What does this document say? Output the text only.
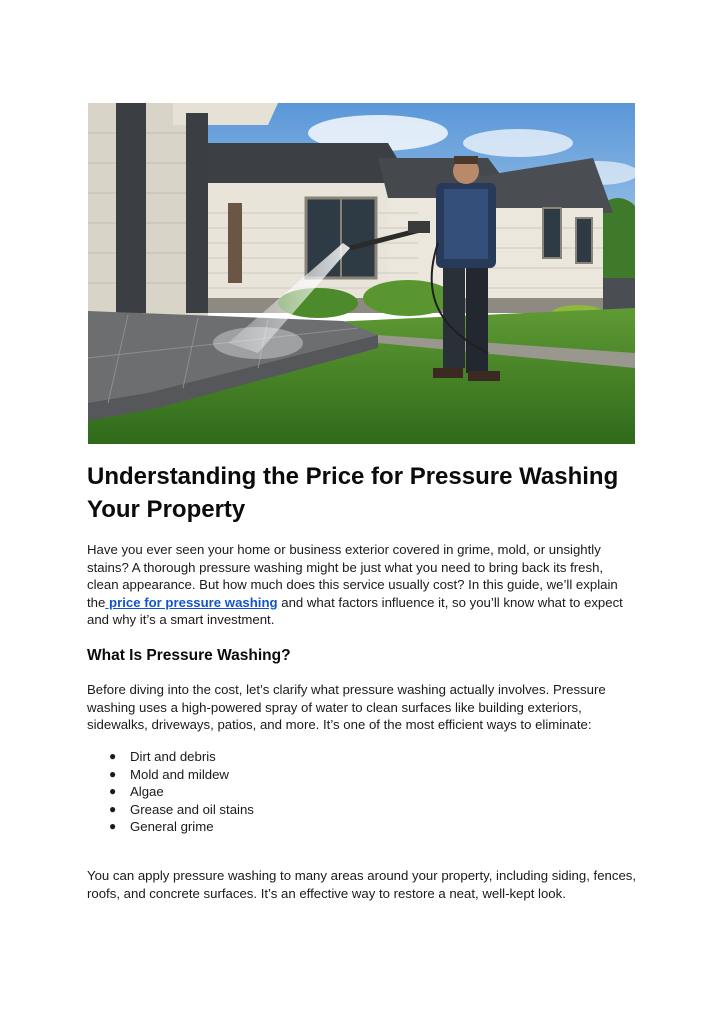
Understanding the Price for Pressure Washing Your Property

Have you ever seen your home or business exterior covered in grime, mold, or unsightly stains? A thorough pressure washing might be just what you need to bring back its fresh, clean appearance. But how much does this service usually cost? In this guide, we’ll explain the price for pressure washing and what factors influence it, so you’ll know what to expect and why it’s a smart investment.

What Is Pressure Washing?

Before diving into the cost, let’s clarify what pressure washing actually involves. Pressure washing uses a high-powered spray of water to clean surfaces like building exteriors, sidewalks, driveways, patios, and more. It’s one of the most efficient ways to eliminate:

● Dirt and debris
● Mold and mildew
● Algae
● Grease and oil stains
● General grime

You can apply pressure washing to many areas around your property, including siding, fences, roofs, and concrete surfaces. It’s an effective way to restore a neat, well-kept look.
